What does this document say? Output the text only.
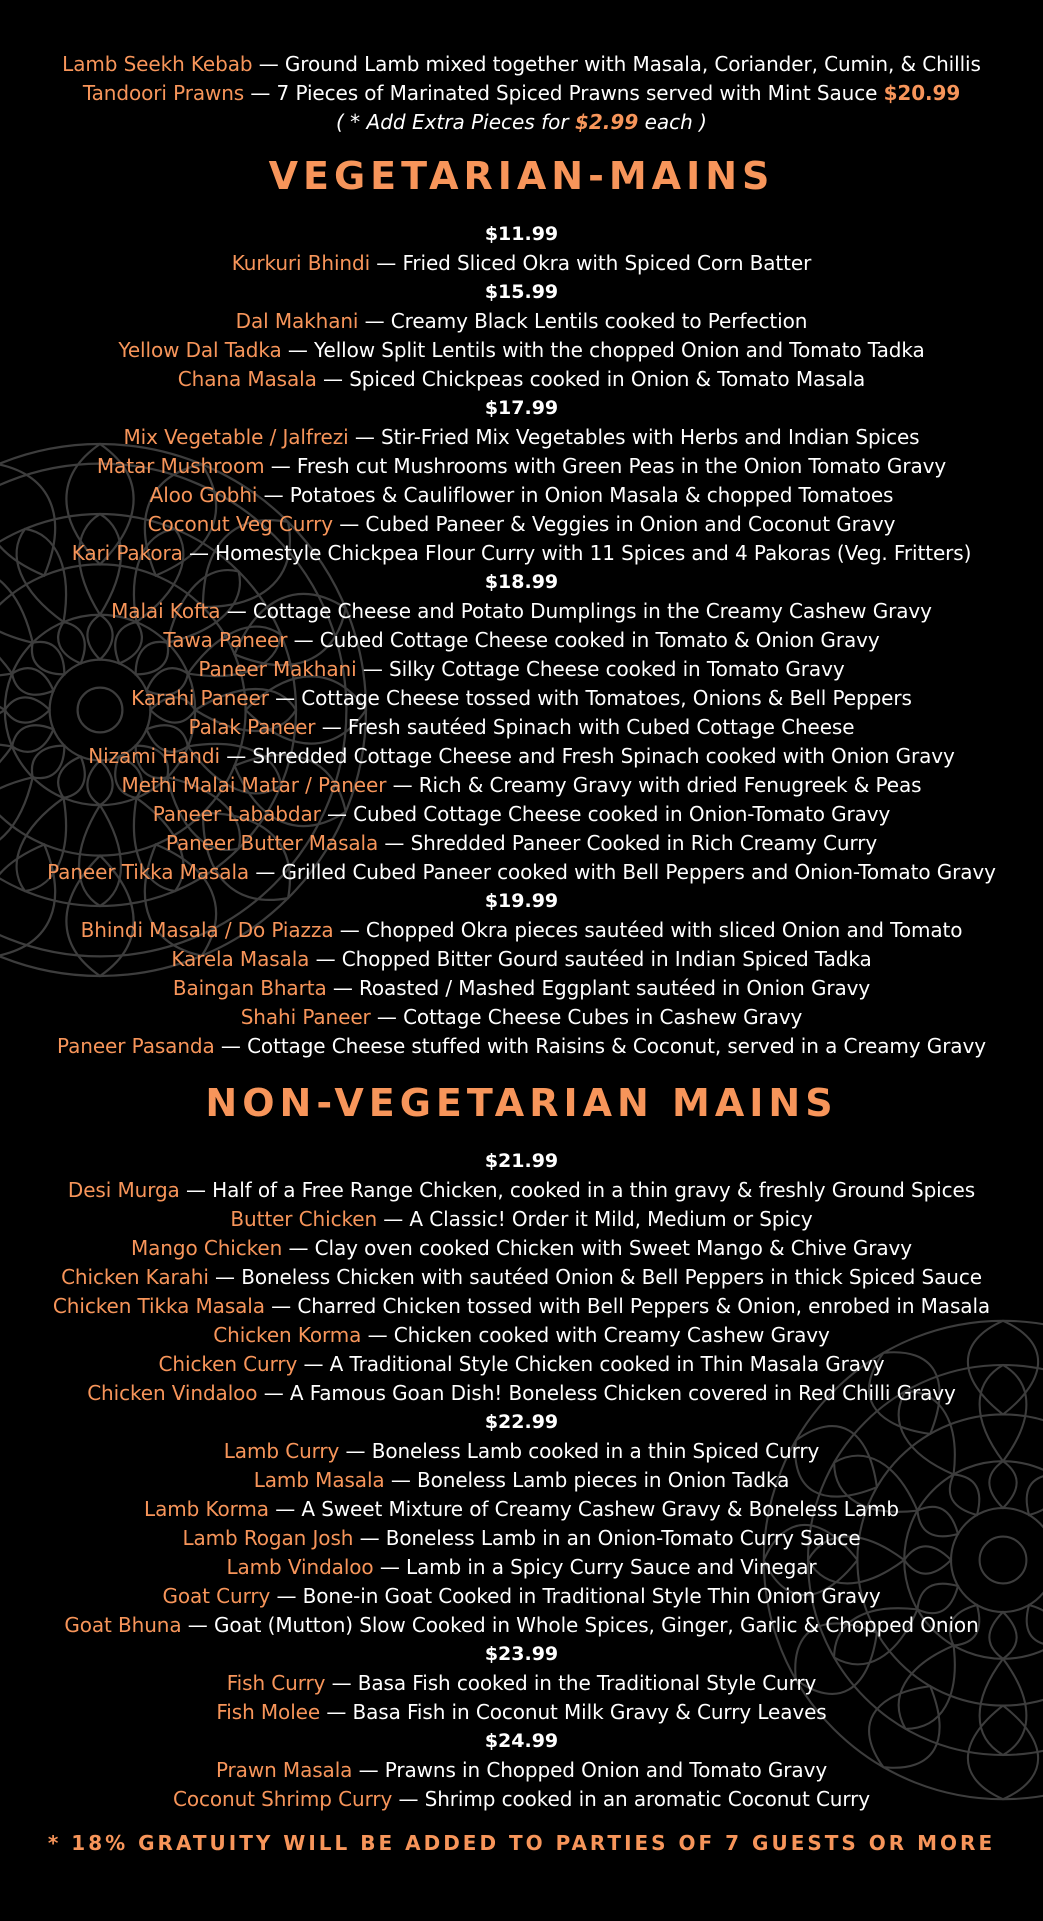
Lamb Seekh Kebab — Ground Lamb mixed together with Masala, Coriander, Cumin, & Chillis
Tandoori Prawns — 7 Pieces of Marinated Spiced Prawns served with Mint Sauce $20.99
( * Add Extra Pieces for $2.99 each )
VEGETARIAN-MAINS
$11.99
Kurkuri Bhindi — Fried Sliced Okra with Spiced Corn Batter
$15.99
Dal Makhani — Creamy Black Lentils cooked to Perfection
Yellow Dal Tadka — Yellow Split Lentils with the chopped Onion and Tomato Tadka
Chana Masala — Spiced Chickpeas cooked in Onion & Tomato Masala
$17.99
Mix Vegetable / Jalfrezi — Stir-Fried Mix Vegetables with Herbs and Indian Spices
Matar Mushroom — Fresh cut Mushrooms with Green Peas in the Onion Tomato Gravy
Aloo Gobhi — Potatoes & Cauliflower in Onion Masala & chopped Tomatoes
Coconut Veg Curry — Cubed Paneer & Veggies in Onion and Coconut Gravy
Kari Pakora — Homestyle Chickpea Flour Curry with 11 Spices and 4 Pakoras (Veg. Fritters)
$18.99
Malai Kofta — Cottage Cheese and Potato Dumplings in the Creamy Cashew Gravy
Tawa Paneer — Cubed Cottage Cheese cooked in Tomato & Onion Gravy
Paneer Makhani — Silky Cottage Cheese cooked in Tomato Gravy
Karahi Paneer — Cottage Cheese tossed with Tomatoes, Onions & Bell Peppers
Palak Paneer — Fresh sautéed Spinach with Cubed Cottage Cheese
Nizami Handi — Shredded Cottage Cheese and Fresh Spinach cooked with Onion Gravy
Methi Malai Matar / Paneer — Rich & Creamy Gravy with dried Fenugreek & Peas
Paneer Lababdar — Cubed Cottage Cheese cooked in Onion-Tomato Gravy
Paneer Butter Masala — Shredded Paneer Cooked in Rich Creamy Curry
Paneer Tikka Masala — Grilled Cubed Paneer cooked with Bell Peppers and Onion-Tomato Gravy
$19.99
Bhindi Masala / Do Piazza — Chopped Okra pieces sautéed with sliced Onion and Tomato
Karela Masala — Chopped Bitter Gourd sautéed in Indian Spiced Tadka
Baingan Bharta — Roasted / Mashed Eggplant sautéed in Onion Gravy
Shahi Paneer — Cottage Cheese Cubes in Cashew Gravy
Paneer Pasanda — Cottage Cheese stuffed with Raisins & Coconut, served in a Creamy Gravy
NON-VEGETARIAN MAINS
$21.99
Desi Murga — Half of a Free Range Chicken, cooked in a thin gravy & freshly Ground Spices
Butter Chicken — A Classic! Order it Mild, Medium or Spicy
Mango Chicken — Clay oven cooked Chicken with Sweet Mango & Chive Gravy
Chicken Karahi — Boneless Chicken with sautéed Onion & Bell Peppers in thick Spiced Sauce
Chicken Tikka Masala — Charred Chicken tossed with Bell Peppers & Onion, enrobed in Masala
Chicken Korma — Chicken cooked with Creamy Cashew Gravy
Chicken Curry — A Traditional Style Chicken cooked in Thin Masala Gravy
Chicken Vindaloo — A Famous Goan Dish! Boneless Chicken covered in Red Chilli Gravy
$22.99
Lamb Curry — Boneless Lamb cooked in a thin Spiced Curry
Lamb Masala — Boneless Lamb pieces in Onion Tadka
Lamb Korma — A Sweet Mixture of Creamy Cashew Gravy & Boneless Lamb
Lamb Rogan Josh — Boneless Lamb in an Onion-Tomato Curry Sauce
Lamb Vindaloo — Lamb in a Spicy Curry Sauce and Vinegar
Goat Curry — Bone-in Goat Cooked in Traditional Style Thin Onion Gravy
Goat Bhuna — Goat (Mutton) Slow Cooked in Whole Spices, Ginger, Garlic & Chopped Onion
$23.99
Fish Curry — Basa Fish cooked in the Traditional Style Curry
Fish Molee — Basa Fish in Coconut Milk Gravy & Curry Leaves
$24.99
Prawn Masala — Prawns in Chopped Onion and Tomato Gravy
Coconut Shrimp Curry — Shrimp cooked in an aromatic Coconut Curry
* 18% GRATUITY WILL BE ADDED TO PARTIES OF 7 GUESTS OR MORE
